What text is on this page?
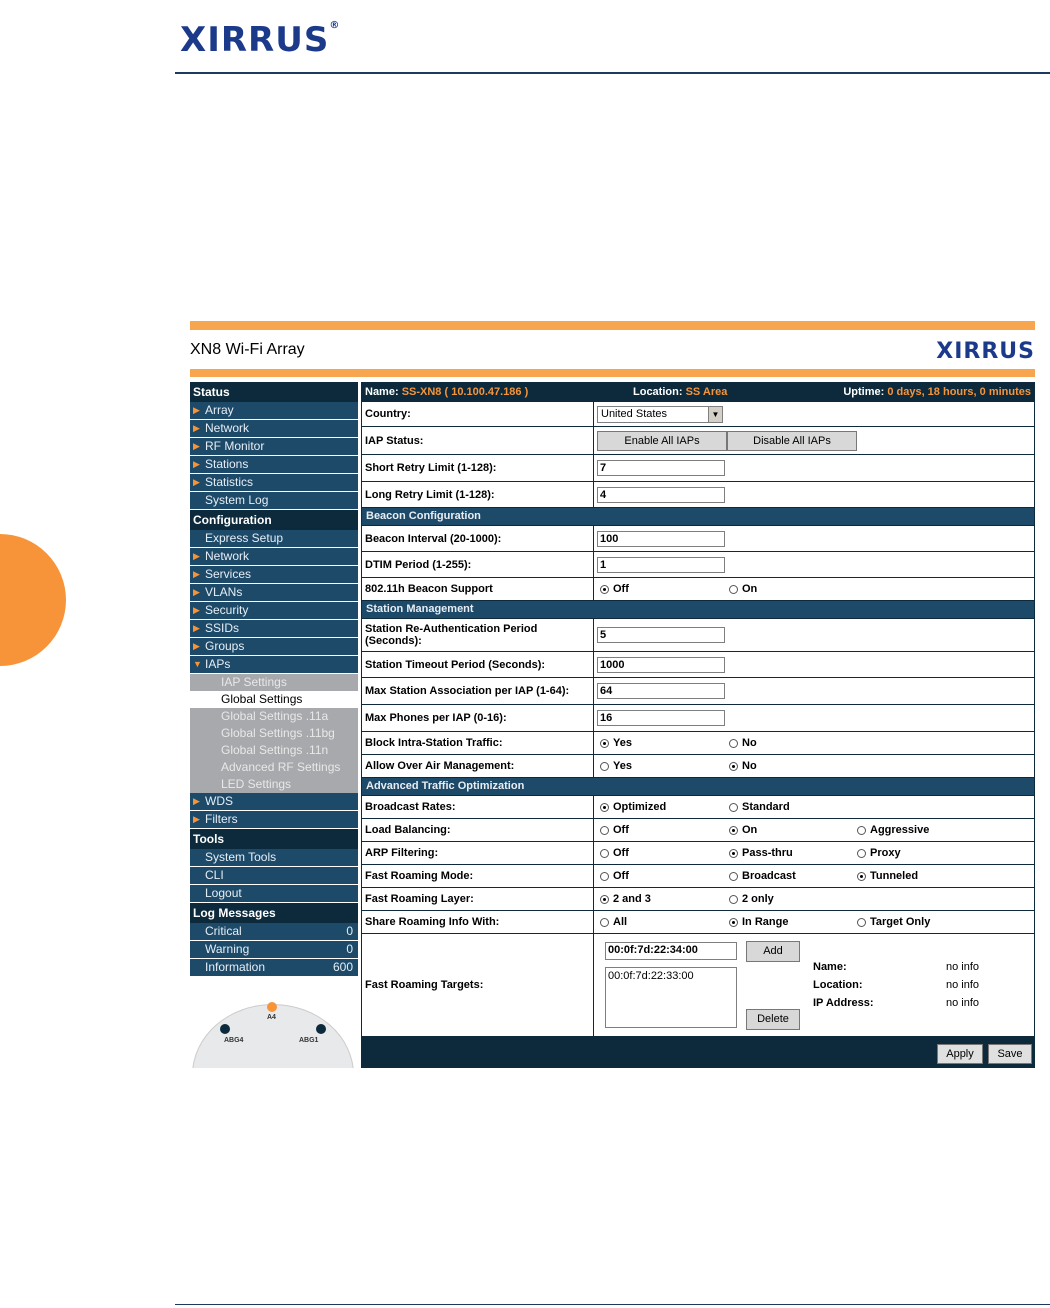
XIRRUS®
XN8 Wi-Fi Array	XIRRUS
Status
▶ Array
▶ Network
▶ RF Monitor
▶ Stations
▶ Statistics
System Log
Configuration
Express Setup
▶ Network
▶ Services
▶ VLANs
▶ Security
▶ SSIDs
▶ Groups
▼ IAPs
IAP Settings
Global Settings
Global Settings .11a
Global Settings .11bg
Global Settings .11n
Advanced RF Settings
LED Settings
▶ WDS
▶ Filters
Tools
System Tools
CLI
Logout
Log Messages
Critical	0
Warning	0
Information	600
A4
ABG4	ABG1
Name: SS-XN8 ( 10.100.47.186 )	Location: SS Area	Uptime: 0 days, 18 hours, 0 minutes
Country:	United States	▼
IAP Status:	Enable All IAPs	Disable All IAPs
Short Retry Limit (1-128):	7
Long Retry Limit (1-128):	4
Beacon Configuration
Beacon Interval (20-1000):	100
DTIM Period (1-255):	1
802.11h Beacon Support	Off	On
Station Management
Station Re-Authentication Period (Seconds):	5
Station Timeout Period (Seconds):	1000
Max Station Association per IAP (1-64):	64
Max Phones per IAP (0-16):	16
Block Intra-Station Traffic:	Yes	No
Allow Over Air Management:	Yes	No
Advanced Traffic Optimization
Broadcast Rates:	Optimized	Standard
Load Balancing:	Off	On	Aggressive
ARP Filtering:	Off	Pass-thru	Proxy
Fast Roaming Mode:	Off	Broadcast	Tunneled
Fast Roaming Layer:	2 and 3	2 only
Share Roaming Info With:	All	In Range	Target Only
Fast Roaming Targets:
00:0f:7d:22:34:00	Add
00:0f:7d:22:33:00
Delete
Name:	no info
Location:	no info
IP Address:	no info
Apply	Save
